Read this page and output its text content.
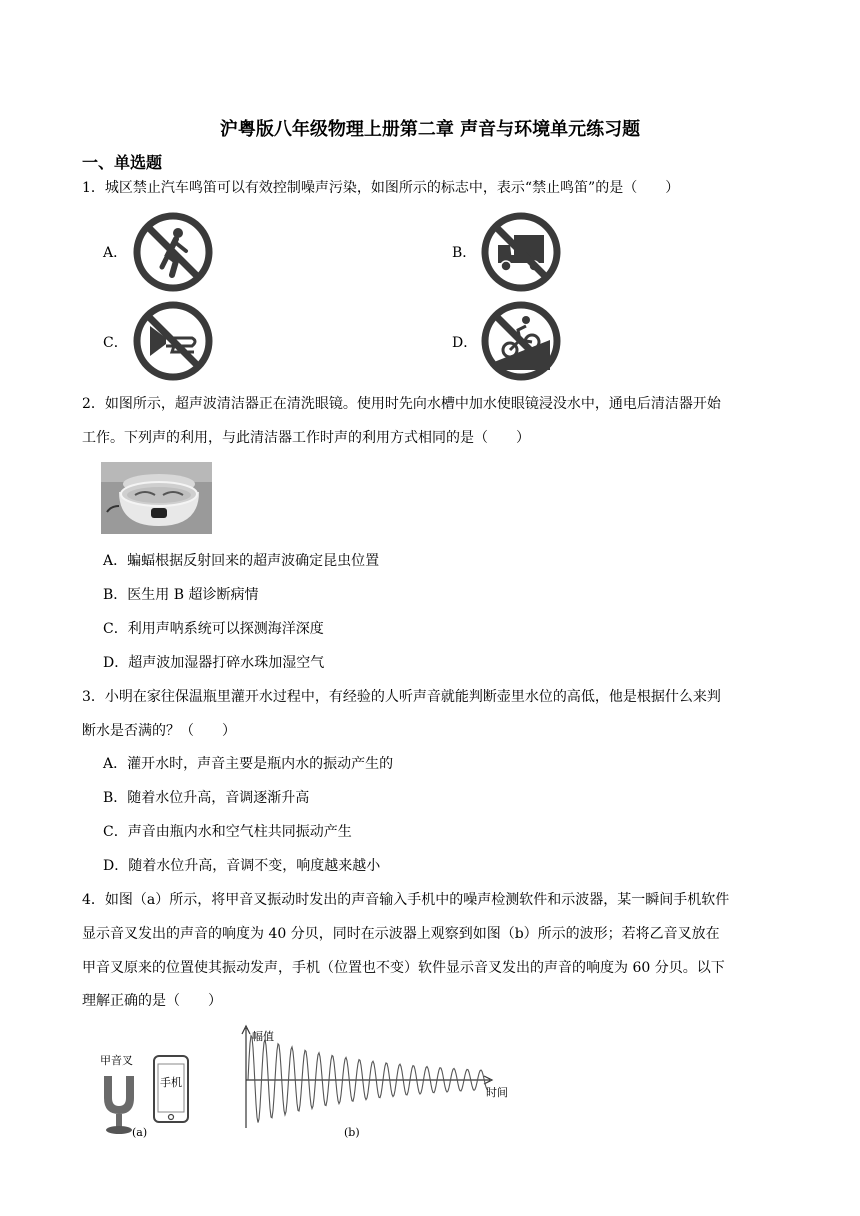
沪粤版八年级物理上册第二章 声音与环境单元练习题
一、单选题
1．城区禁止汽车鸣笛可以有效控制噪声污染，如图所示的标志中，表示“禁止鸣笛”的是（　　）
A．	B．
C．	D．
2．如图所示，超声波清洁器正在清洗眼镜。使用时先向水槽中加水使眼镜浸没水中，通电后清洁器开始
工作。下列声的利用，与此清洁器工作时声的利用方式相同的是（　　）
A．蝙蝠根据反射回来的超声波确定昆虫位置
B．医生用 B 超诊断病情
C．利用声呐系统可以探测海洋深度
D．超声波加湿器打碎水珠加湿空气
3．小明在家往保温瓶里灌开水过程中，有经验的人听声音就能判断壶里水位的高低，他是根据什么来判
断水是否满的？（　　）
A．灌开水时，声音主要是瓶内水的振动产生的
B．随着水位升高，音调逐渐升高
C．声音由瓶内水和空气柱共同振动产生
D．随着水位升高，音调不变，响度越来越小
4．如图（a）所示，将甲音叉振动时发出的声音输入手机中的噪声检测软件和示波器，某一瞬间手机软件
显示音叉发出的声音的响度为 40 分贝，同时在示波器上观察到如图（b）所示的波形；若将乙音叉放在
甲音叉原来的位置使其振动发声，手机（位置也不变）软件显示音叉发出的声音的响度为 60 分贝。以下
理解正确的是（　　）
甲音叉
手机
(a)
幅值
时间
(b)
